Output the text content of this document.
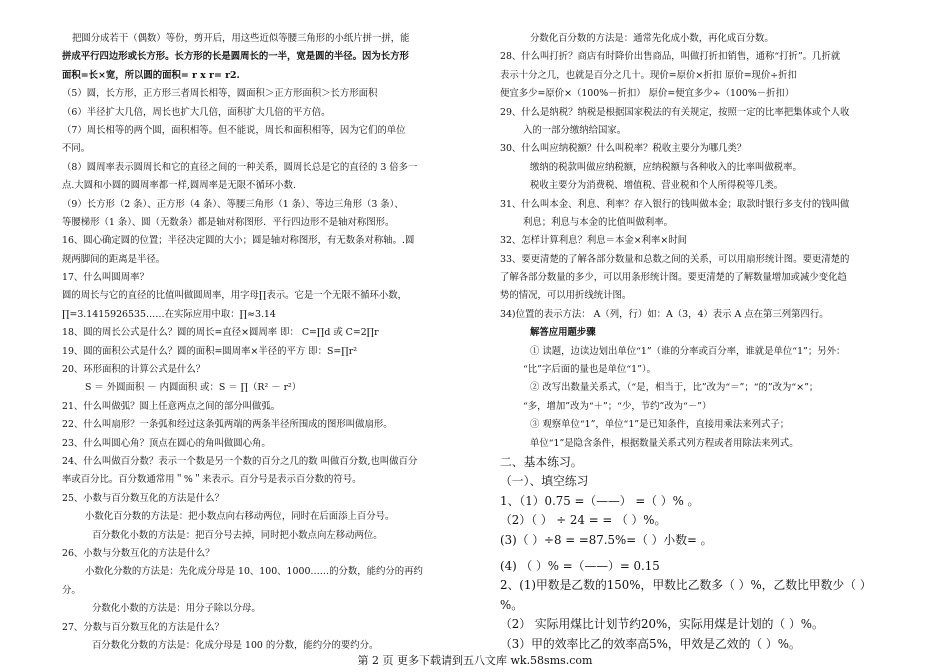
把圆分成若干（偶数）等份，剪开后，用这些近似等腰三角形的小纸片拼一拼，能
拼成平行四边形或长方形。长方形的长是圆周长的一半，宽是圆的半径。因为长方形
面积=长×宽，所以圆的面积= r x r= r2.
（5）圆，长方形，正方形三者周长相等，圆面积＞正方形面积＞长方形面积
（6）半径扩大几倍，周长也扩大几倍，面积扩大几倍的平方倍。
（7）周长相等的两个圆，面积相等。但不能说，周长和面积相等，因为它们的单位
不同。
（8）圆周率表示圆周长和它的直径之间的一种关系，圆周长总是它的直径的 3 倍多一
点.大圆和小圆的圆周率都一样,圆周率是无限不循环小数.
（9）长方形（2 条）、正方形（4 条）、等腰三角形（1 条）、等边三角形（3 条）、
等腰梯形（1 条）、圆（无数条）都是轴对称图形．平行四边形不是轴对称图形。
16、圆心确定圆的位置；半径决定圆的大小；圆是轴对称图形，有无数条对称轴。.圆
规两脚间的距离是半径。
17、什么叫圆周率？
圆的周长与它的直径的比值叫做圆周率，用字母∏表示。它是一个无限不循环小数，
∏=3.1415926535……在实际应用中取：∏≈3.14
18、圆的周长公式是什么？圆的周长=直径×圆周率 即： C=∏d 或 C=2∏r
19、圆的面积公式是什么？圆的面积=圆周率×半径的平方 即：S=∏r²
20、环形面积的计算公式是什么？
S ＝ 外圆面积 － 内圆面积 或：S ＝ ∏（R² － r²）
21、什么叫做弧？圆上任意两点之间的部分叫做弧。
22、什么叫扇形？一条弧和经过这条弧两端的两条半径所围成的图形叫做扇形。
23、什么叫圆心角？顶点在圆心的角叫做圆心角。
24、什么叫做百分数？表示一个数是另一个数的百分之几的数 叫做百分数,也叫做百分
率或百分比。百分数通常用＂%＂来表示。百分号是表示百分数的符号。
25、小数与百分数互化的方法是什么？
小数化百分数的方法是：把小数点向右移动两位，同时在后面添上百分号。
百分数化小数的方法是：把百分号去掉，同时把小数点向左移动两位。
26、小数与分数互化的方法是什么？
小数化分数的方法是：先化成分母是 10、100、1000……的分数，能约分的再约
分。
分数化小数的方法是：用分子除以分母。
27、分数与百分数互化的方法是什么？
百分数化分数的方法是：化成分母是 100 的分数，能约分的要约分。
分数化百分数的方法是：通常先化成小数，再化成百分数。
28、什么叫打折？商店有时降价出售商品，叫做打折扣销售，通称“打折”。几折就
表示十分之几，也就是百分之几十。现价=原价×折扣 原价=现价÷折扣
便宜多少=原价×（100%－折扣） 原价=便宜多少÷（100%－折扣）
29、什么是纳税？纳税是根据国家税法的有关规定，按照一定的比率把集体或个人收
入的一部分缴纳给国家。
30、什么叫应纳税额？什么叫税率？税收主要分为哪几类？
缴纳的税款叫做应纳税额，应纳税额与各种收入的比率叫做税率。
税收主要分为消费税、增值税、营业税和个人所得税等几类。
31、什么叫本金、利息、利率？存入银行的钱叫做本金；取款时银行多支付的钱叫做
利息；利息与本金的比值叫做利率。
32、怎样计算利息？利息＝本金×利率×时间
33、要更清楚的了解各部分数量和总数之间的关系，可以用扇形统计图。要更清楚的
了解各部分数量的多少，可以用条形统计图。要更清楚的了解数量增加或减少变化趋
势的情况，可以用折线统计图。
34)位置的表示方法： A（列，行）如：A（3，4）表示 A 点在第三列第四行。
解答应用题步骤
① 读题，边读边划出单位“1”（谁的分率或百分率，谁就是单位“1”；另外：
“比”字后面的量也是单位“1”）。
② 改写出数量关系式，（“是，相当于，比”改为“＝”；“的”改为“×”；
“多，增加”改为“＋”；“少，节约”改为“－”）
③ 观察单位“1”，单位“1”是已知条件，直接用乘法来列式子；
单位“1”是隐含条件，根据数量关系式列方程或者用除法来列式。
二、基本练习。
（一）、填空练习
1、（1）0.75 =（——） =（ ）% 。
（2）（ ） ÷ 24 = = （ ）%。
(3)（ ）÷8 = =87.5%=（ ）小数= 。
(4) （ ）% =（——）= 0.15
2、(1)甲数是乙数的150%，甲数比乙数多（ ）%，乙数比甲数少（ ）
%。
（2） 实际用煤比计划节约20%，实际用煤是计划的（ ）%。
（3）甲的效率比乙的效率高5%，甲效是乙效的（ ）%。
第 2 页 更多下载请到五八文库 wk.58sms.com
